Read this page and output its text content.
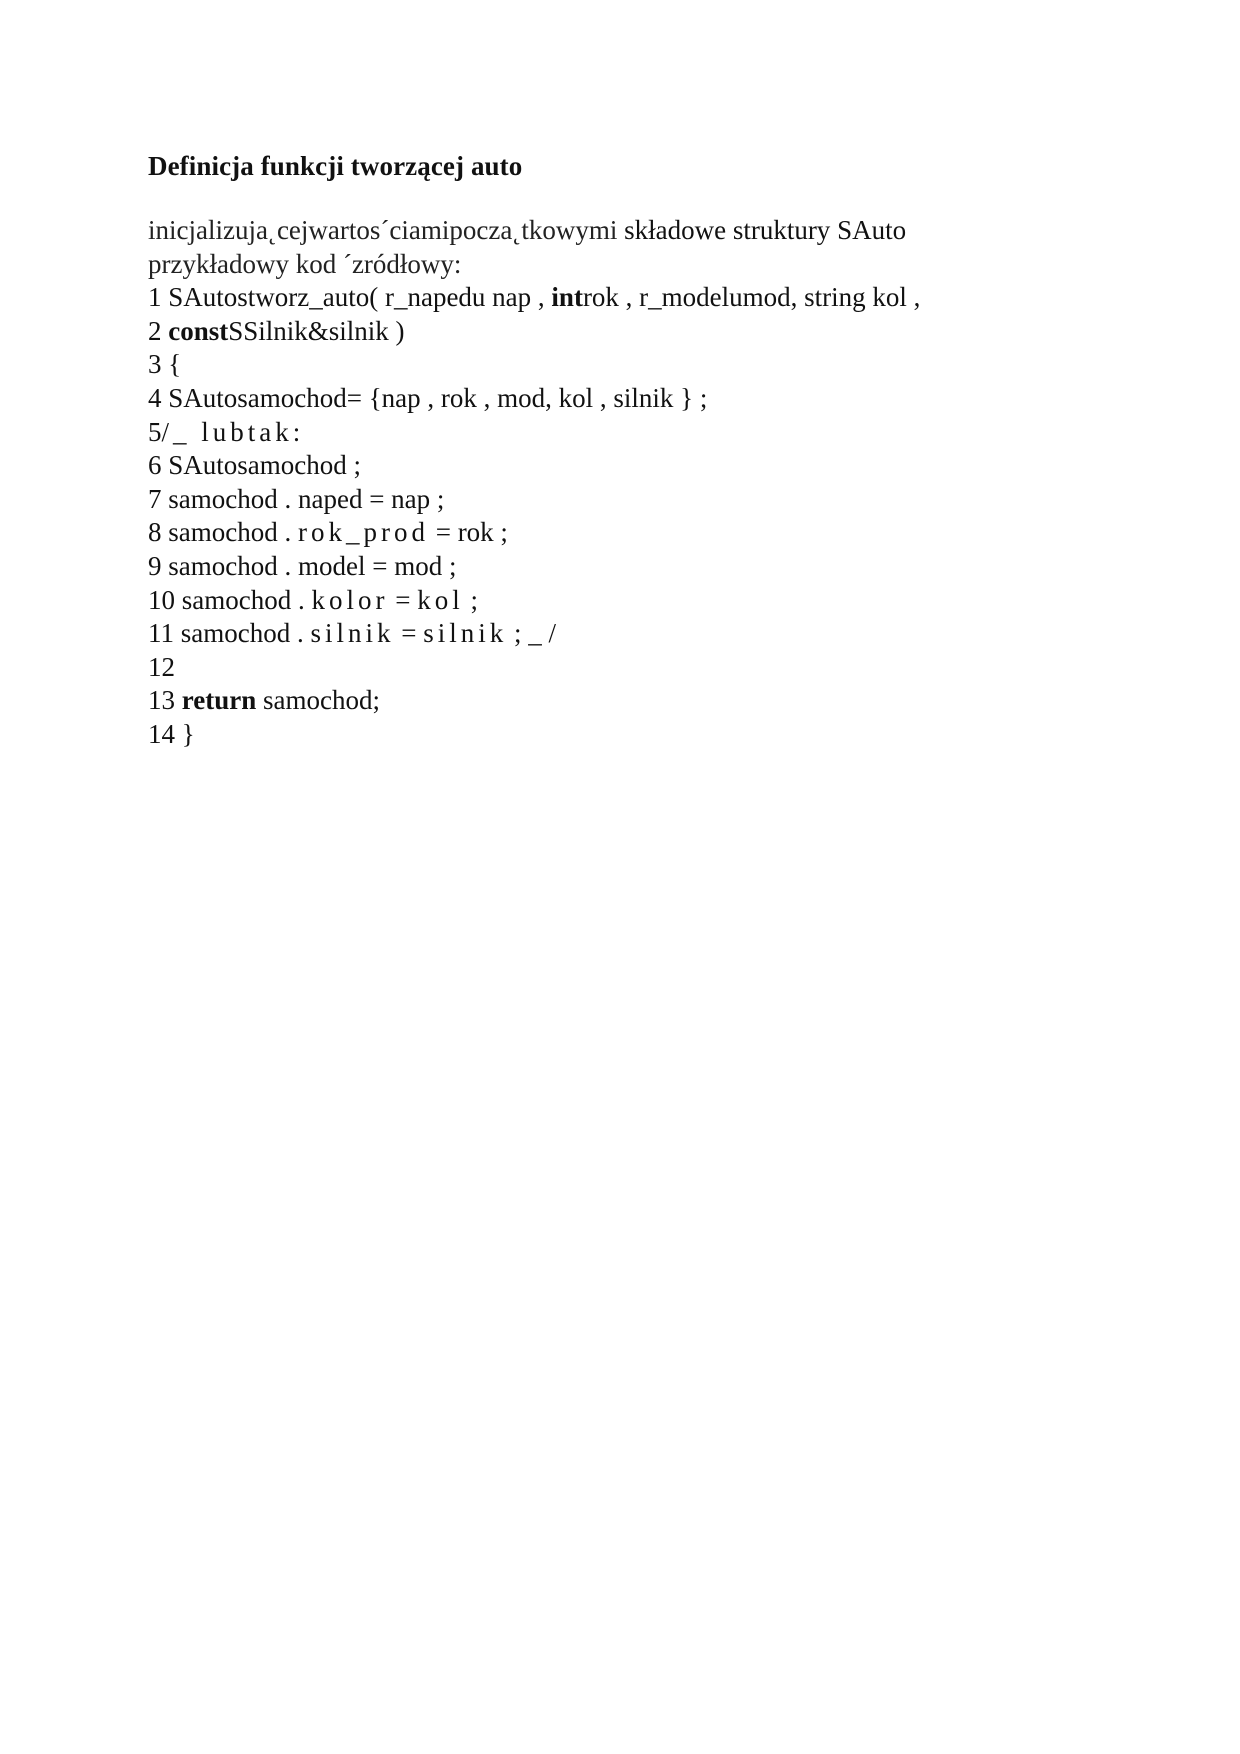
Definicja funkcji tworzącej auto
inicjalizuja˛cejwartos´ciamipocza˛tkowymi składowe struktury SAuto
przykładowy kod ´zródłowy:
1 SAutostworz_auto( r_napedu nap , introk , r_modelumod, string kol ,
2 constSSilnik&silnik )
3 {
4 SAutosamochod= {nap , rok , mod, kol , silnik } ;
5/_ lubtak:
6 SAutosamochod ;
7 samochod . naped = nap ;
8 samochod . rok_prod = rok ;
9 samochod . model = mod ;
10 samochod . kolor = kol ;
11 samochod . silnik = silnik ; _ /
12
13 return samochod;
14 }
